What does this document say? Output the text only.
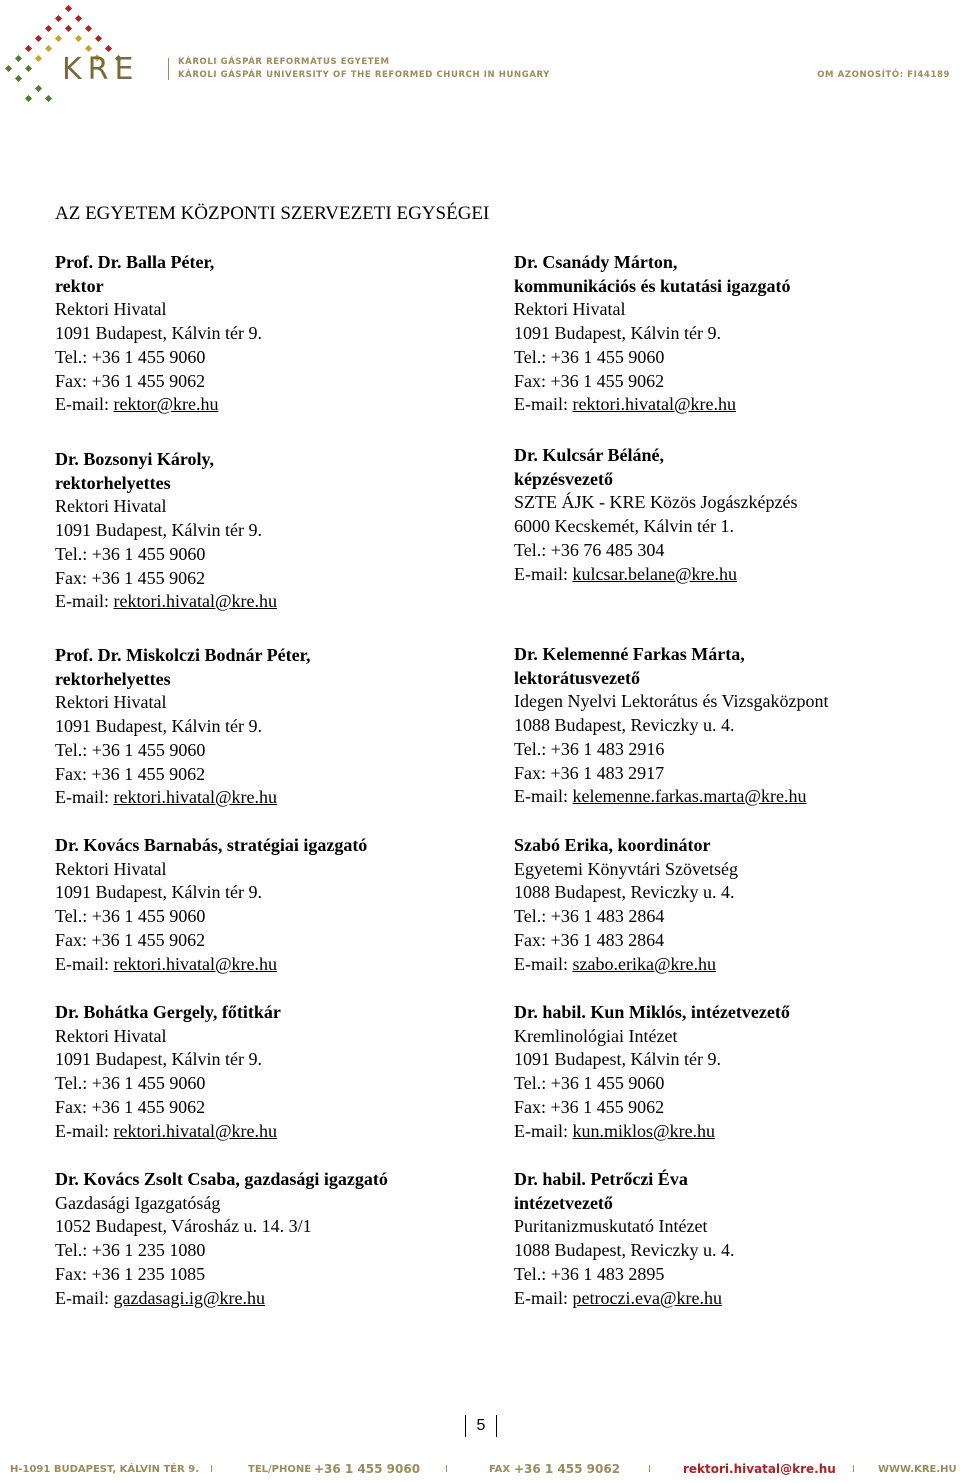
KRE	KÁROLI GÁSPÁR REFORMÁTUS EGYETEM
KÁROLI GÁSPÁR UNIVERSITY OF THE REFORMED CHURCH IN HUNGARY	OM AZONOSÍTÓ: FI44189
AZ EGYETEM KÖZPONTI SZERVEZETI EGYSÉGEI
Prof. Dr. Balla Péter,
rektor
Rektori Hivatal
1091 Budapest, Kálvin tér 9.
Tel.: +36 1 455 9060
Fax: +36 1 455 9062
E-mail: rektor@kre.hu
Dr. Bozsonyi Károly,
rektorhelyettes
Rektori Hivatal
1091 Budapest, Kálvin tér 9.
Tel.: +36 1 455 9060
Fax: +36 1 455 9062
E-mail: rektori.hivatal@kre.hu
Prof. Dr. Miskolczi Bodnár Péter,
rektorhelyettes
Rektori Hivatal
1091 Budapest, Kálvin tér 9.
Tel.: +36 1 455 9060
Fax: +36 1 455 9062
E-mail: rektori.hivatal@kre.hu
Dr. Kovács Barnabás, stratégiai igazgató
Rektori Hivatal
1091 Budapest, Kálvin tér 9.
Tel.: +36 1 455 9060
Fax: +36 1 455 9062
E-mail: rektori.hivatal@kre.hu
Dr. Bohátka Gergely, főtitkár
Rektori Hivatal
1091 Budapest, Kálvin tér 9.
Tel.: +36 1 455 9060
Fax: +36 1 455 9062
E-mail: rektori.hivatal@kre.hu
Dr. Kovács Zsolt Csaba, gazdasági igazgató
Gazdasági Igazgatóság
1052 Budapest, Városház u. 14. 3/1
Tel.: +36 1 235 1080
Fax: +36 1 235 1085
E-mail: gazdasagi.ig@kre.hu
Dr. Csanády Márton,
kommunikációs és kutatási igazgató
Rektori Hivatal
1091 Budapest, Kálvin tér 9.
Tel.: +36 1 455 9060
Fax: +36 1 455 9062
E-mail: rektori.hivatal@kre.hu
Dr. Kulcsár Béláné,
képzésvezető
SZTE ÁJK - KRE Közös Jogászképzés
6000 Kecskemét, Kálvin tér 1.
Tel.: +36 76 485 304
E-mail: kulcsar.belane@kre.hu
Dr. Kelemenné Farkas Márta,
lektorátusvezető
Idegen Nyelvi Lektorátus és Vizsgaközpont
1088 Budapest, Reviczky u. 4.
Tel.: +36 1 483 2916
Fax: +36 1 483 2917
E-mail: kelemenne.farkas.marta@kre.hu
Szabó Erika, koordinátor
Egyetemi Könyvtári Szövetség
1088 Budapest, Reviczky u. 4.
Tel.: +36 1 483 2864
Fax: +36 1 483 2864
E-mail: szabo.erika@kre.hu
Dr. habil. Kun Miklós, intézetvezető
Kremlinológiai Intézet
1091 Budapest, Kálvin tér 9.
Tel.: +36 1 455 9060
Fax: +36 1 455 9062
E-mail: kun.miklos@kre.hu
Dr. habil. Petrőczi Éva
intézetvezető
Puritanizmuskutató Intézet
1088 Budapest, Reviczky u. 4.
Tel.: +36 1 483 2895
E-mail: petroczi.eva@kre.hu
5
H-1091 BUDAPEST, KÁLVIN TÉR 9. I	TEL/PHONE +36 1 455 9060 I	FAX +36 1 455 9062	I	rektori.hivatal@kre.hu I WWW.KRE.HU
